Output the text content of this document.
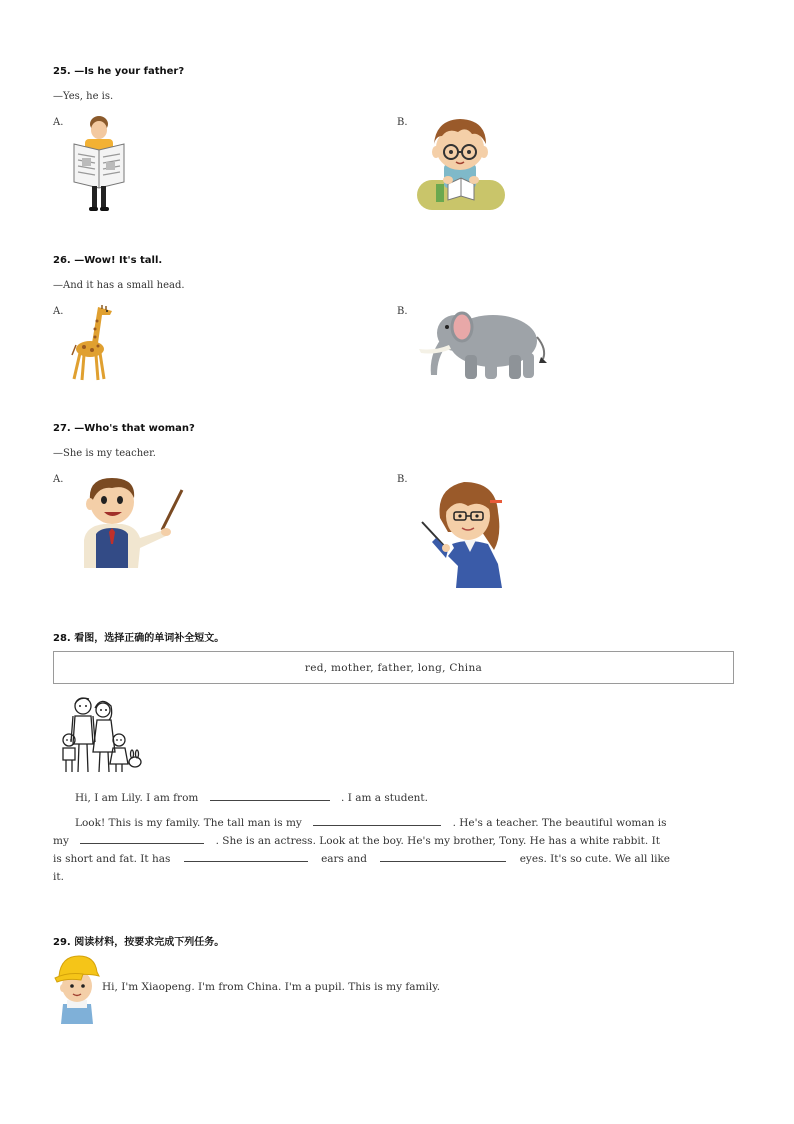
25. —Is he your father?
—Yes, he is.
A.	B.
26. —Wow! It's tall.
—And it has a small head.
A.	B.
27. —Who's that woman?
—She is my teacher.
A.	B.
28. 看图，选择正确的单词补全短文。
red, mother, father, long, China
Hi, I am Lily. I am from	. I am a student.
Look! This is my family. The tall man is my	. He's a teacher. The beautiful woman is
my	. She is an actress. Look at the boy. He's my brother, Tony. He has a white rabbit. It
is short and fat. It has	ears and	eyes. It's so cute. We all like
it.
29. 阅读材料，按要求完成下列任务。
Hi, I'm Xiaopeng. I'm from China. I'm a pupil. This is my family.
